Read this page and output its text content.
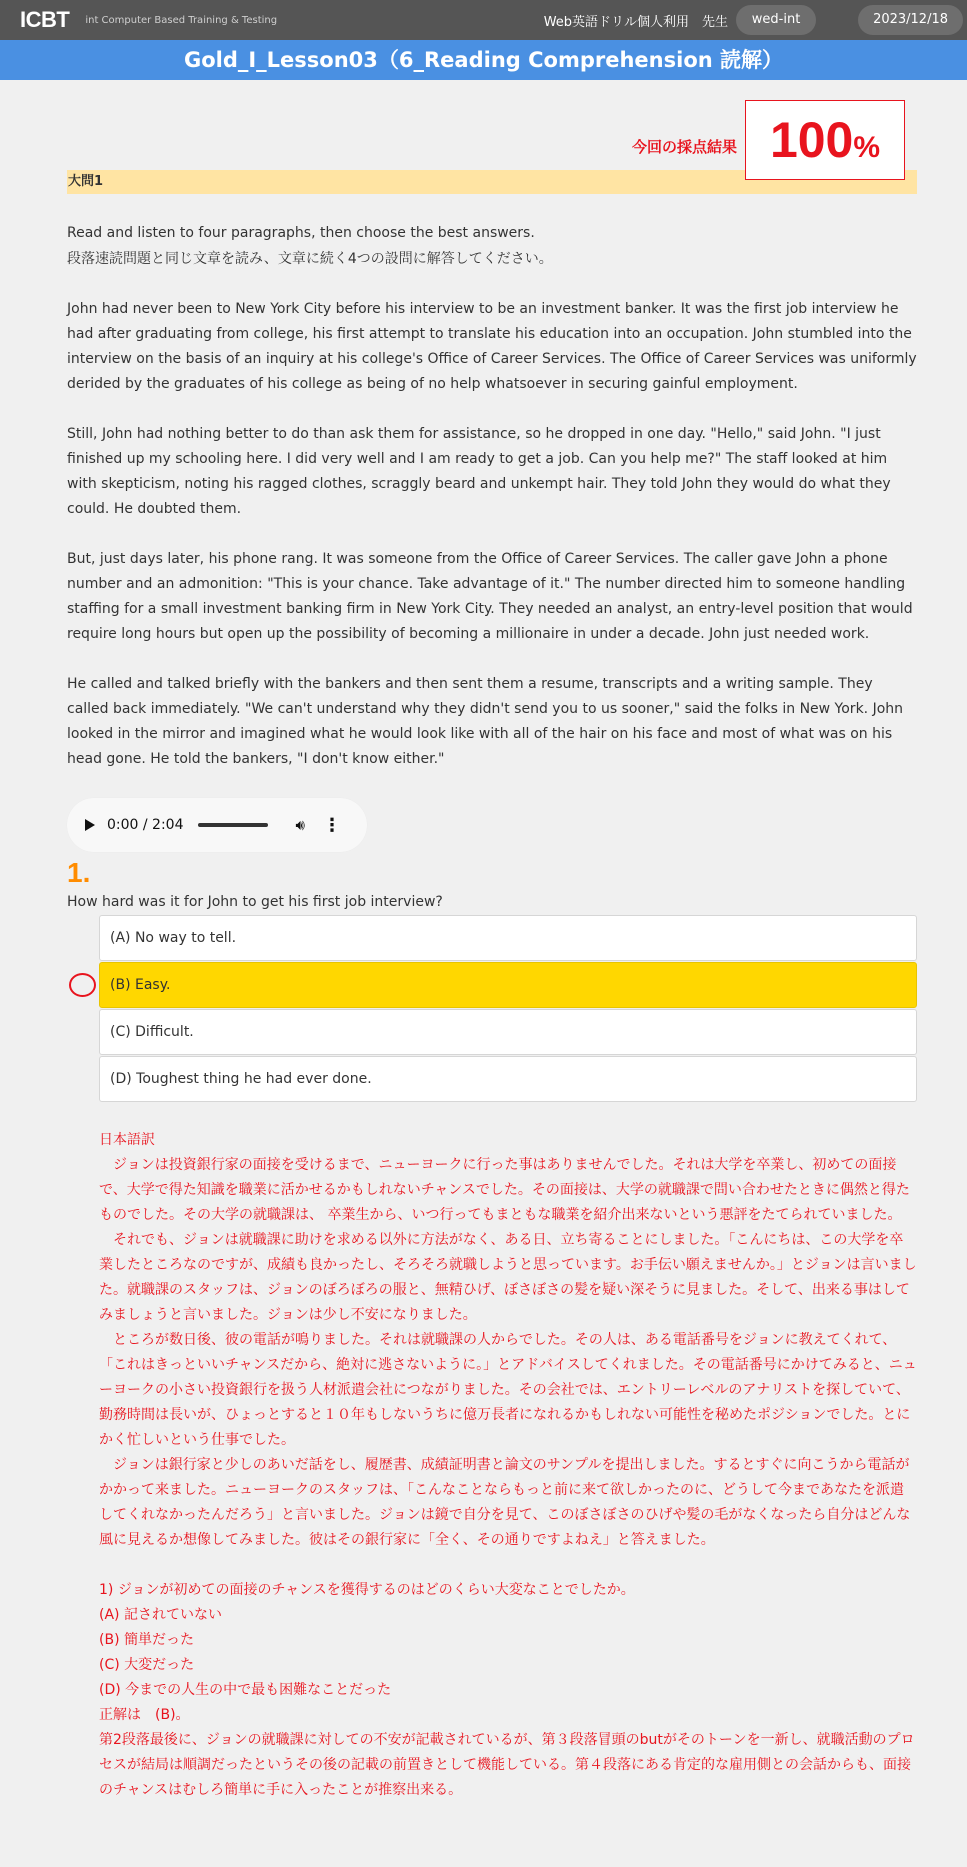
ICBT int Computer Based Training & Testing	Web英語ドリル個人利用　先生	wed-int	2023/12/18
Gold_I_Lesson03（6_Reading Comprehension 読解）
今回の採点結果 100%
大問1
Read and listen to four paragraphs, then choose the best answers.
段落速読問題と同じ文章を読み、文章に続く4つの設問に解答してください。

John had never been to New York City before his interview to be an investment banker. It was the first job interview he had after graduating from college, his first attempt to translate his education into an occupation. John stumbled into the interview on the basis of an inquiry at his college's Office of Career Services. The Office of Career Services was uniformly derided by the graduates of his college as being of no help whatsoever in securing gainful employment.

Still, John had nothing better to do than ask them for assistance, so he dropped in one day. "Hello," said John. "I just finished up my schooling here. I did very well and I am ready to get a job. Can you help me?" The staff looked at him with skepticism, noting his ragged clothes, scraggly beard and unkempt hair. They told John they would do what they could. He doubted them.

But, just days later, his phone rang. It was someone from the Office of Career Services. The caller gave John a phone number and an admonition: "This is your chance. Take advantage of it." The number directed him to someone handling staffing for a small investment banking firm in New York City. They needed an analyst, an entry-level position that would require long hours but open up the possibility of becoming a millionaire in under a decade. John just needed work.

He called and talked briefly with the bankers and then sent them a resume, transcripts and a writing sample. They called back immediately. "We can't understand why they didn't send you to us sooner," said the folks in New York. John looked in the mirror and imagined what he would look like with all of the hair on his face and most of what was on his head gone. He told the bankers, "I don't know either."

0:00 / 2:04	🔊︎ ⋮
1.
How hard was it for John to get his first job interview?
(A) No way to tell.
(B) Easy.
(C) Difficult.
(D) Toughest thing he had ever done.
日本語訳
ジョンは投資銀行家の面接を受けるまで、ニューヨークに行った事はありませんでした。それは大学を卒業し、初めての面接で、大学で得た知識を職業に活かせるかもしれないチャンスでした。その面接は、大学の就職課で問い合わせたときに偶然と得たものでした。その大学の就職課は、 卒業生から、いつ行ってもまともな職業を紹介出来ないという悪評をたてられていました。
それでも、ジョンは就職課に助けを求める以外に方法がなく、ある日、立ち寄ることにしました。「こんにちは、この大学を卒業したところなのですが、成績も良かったし、そろそろ就職しようと思っています。お手伝い願えませんか。」とジョンは言いました。就職課のスタッフは、ジョンのぼろぼろの服と、無精ひげ、ぼさぼさの髪を疑い深そうに見ました。そして、出来る事はしてみましょうと言いました。ジョンは少し不安になりました。
ところが数日後、彼の電話が鳴りました。それは就職課の人からでした。その人は、ある電話番号をジョンに教えてくれて、「これはきっといいチャンスだから、絶対に逃さないように。」とアドバイスしてくれました。その電話番号にかけてみると、ニューヨークの小さい投資銀行を扱う人材派遣会社につながりました。その会社では、エントリーレベルのアナリストを探していて、勤務時間は長いが、ひょっとすると１０年もしないうちに億万長者になれるかもしれない可能性を秘めたポジションでした。とにかく忙しいという仕事でした。
ジョンは銀行家と少しのあいだ話をし、履歴書、成績証明書と論文のサンプルを提出しました。するとすぐに向こうから電話がかかって来ました。ニューヨークのスタッフは、「こんなことならもっと前に来て欲しかったのに、どうして今まであなたを派遣してくれなかったんだろう」と言いました。ジョンは鏡で自分を見て、このぼさぼさのひげや髪の毛がなくなったら自分はどんな風に見えるか想像してみました。彼はその銀行家に「全く、その通りですよねえ」と答えました。
1) ジョンが初めての面接のチャンスを獲得するのはどのくらい大変なことでしたか。
(A) 記されていない
(B) 簡単だった
(C) 大変だった
(D) 今までの人生の中で最も困難なことだった
正解は　(B)。
第2段落最後に、ジョンの就職課に対しての不安が記載されているが、第３段落冒頭のbutがそのトーンを一新し、就職活動のプロセスが結局は順調だったというその後の記載の前置きとして機能している。第４段落にある肯定的な雇用側との会話からも、面接のチャンスはむしろ簡単に手に入ったことが推察出来る。
